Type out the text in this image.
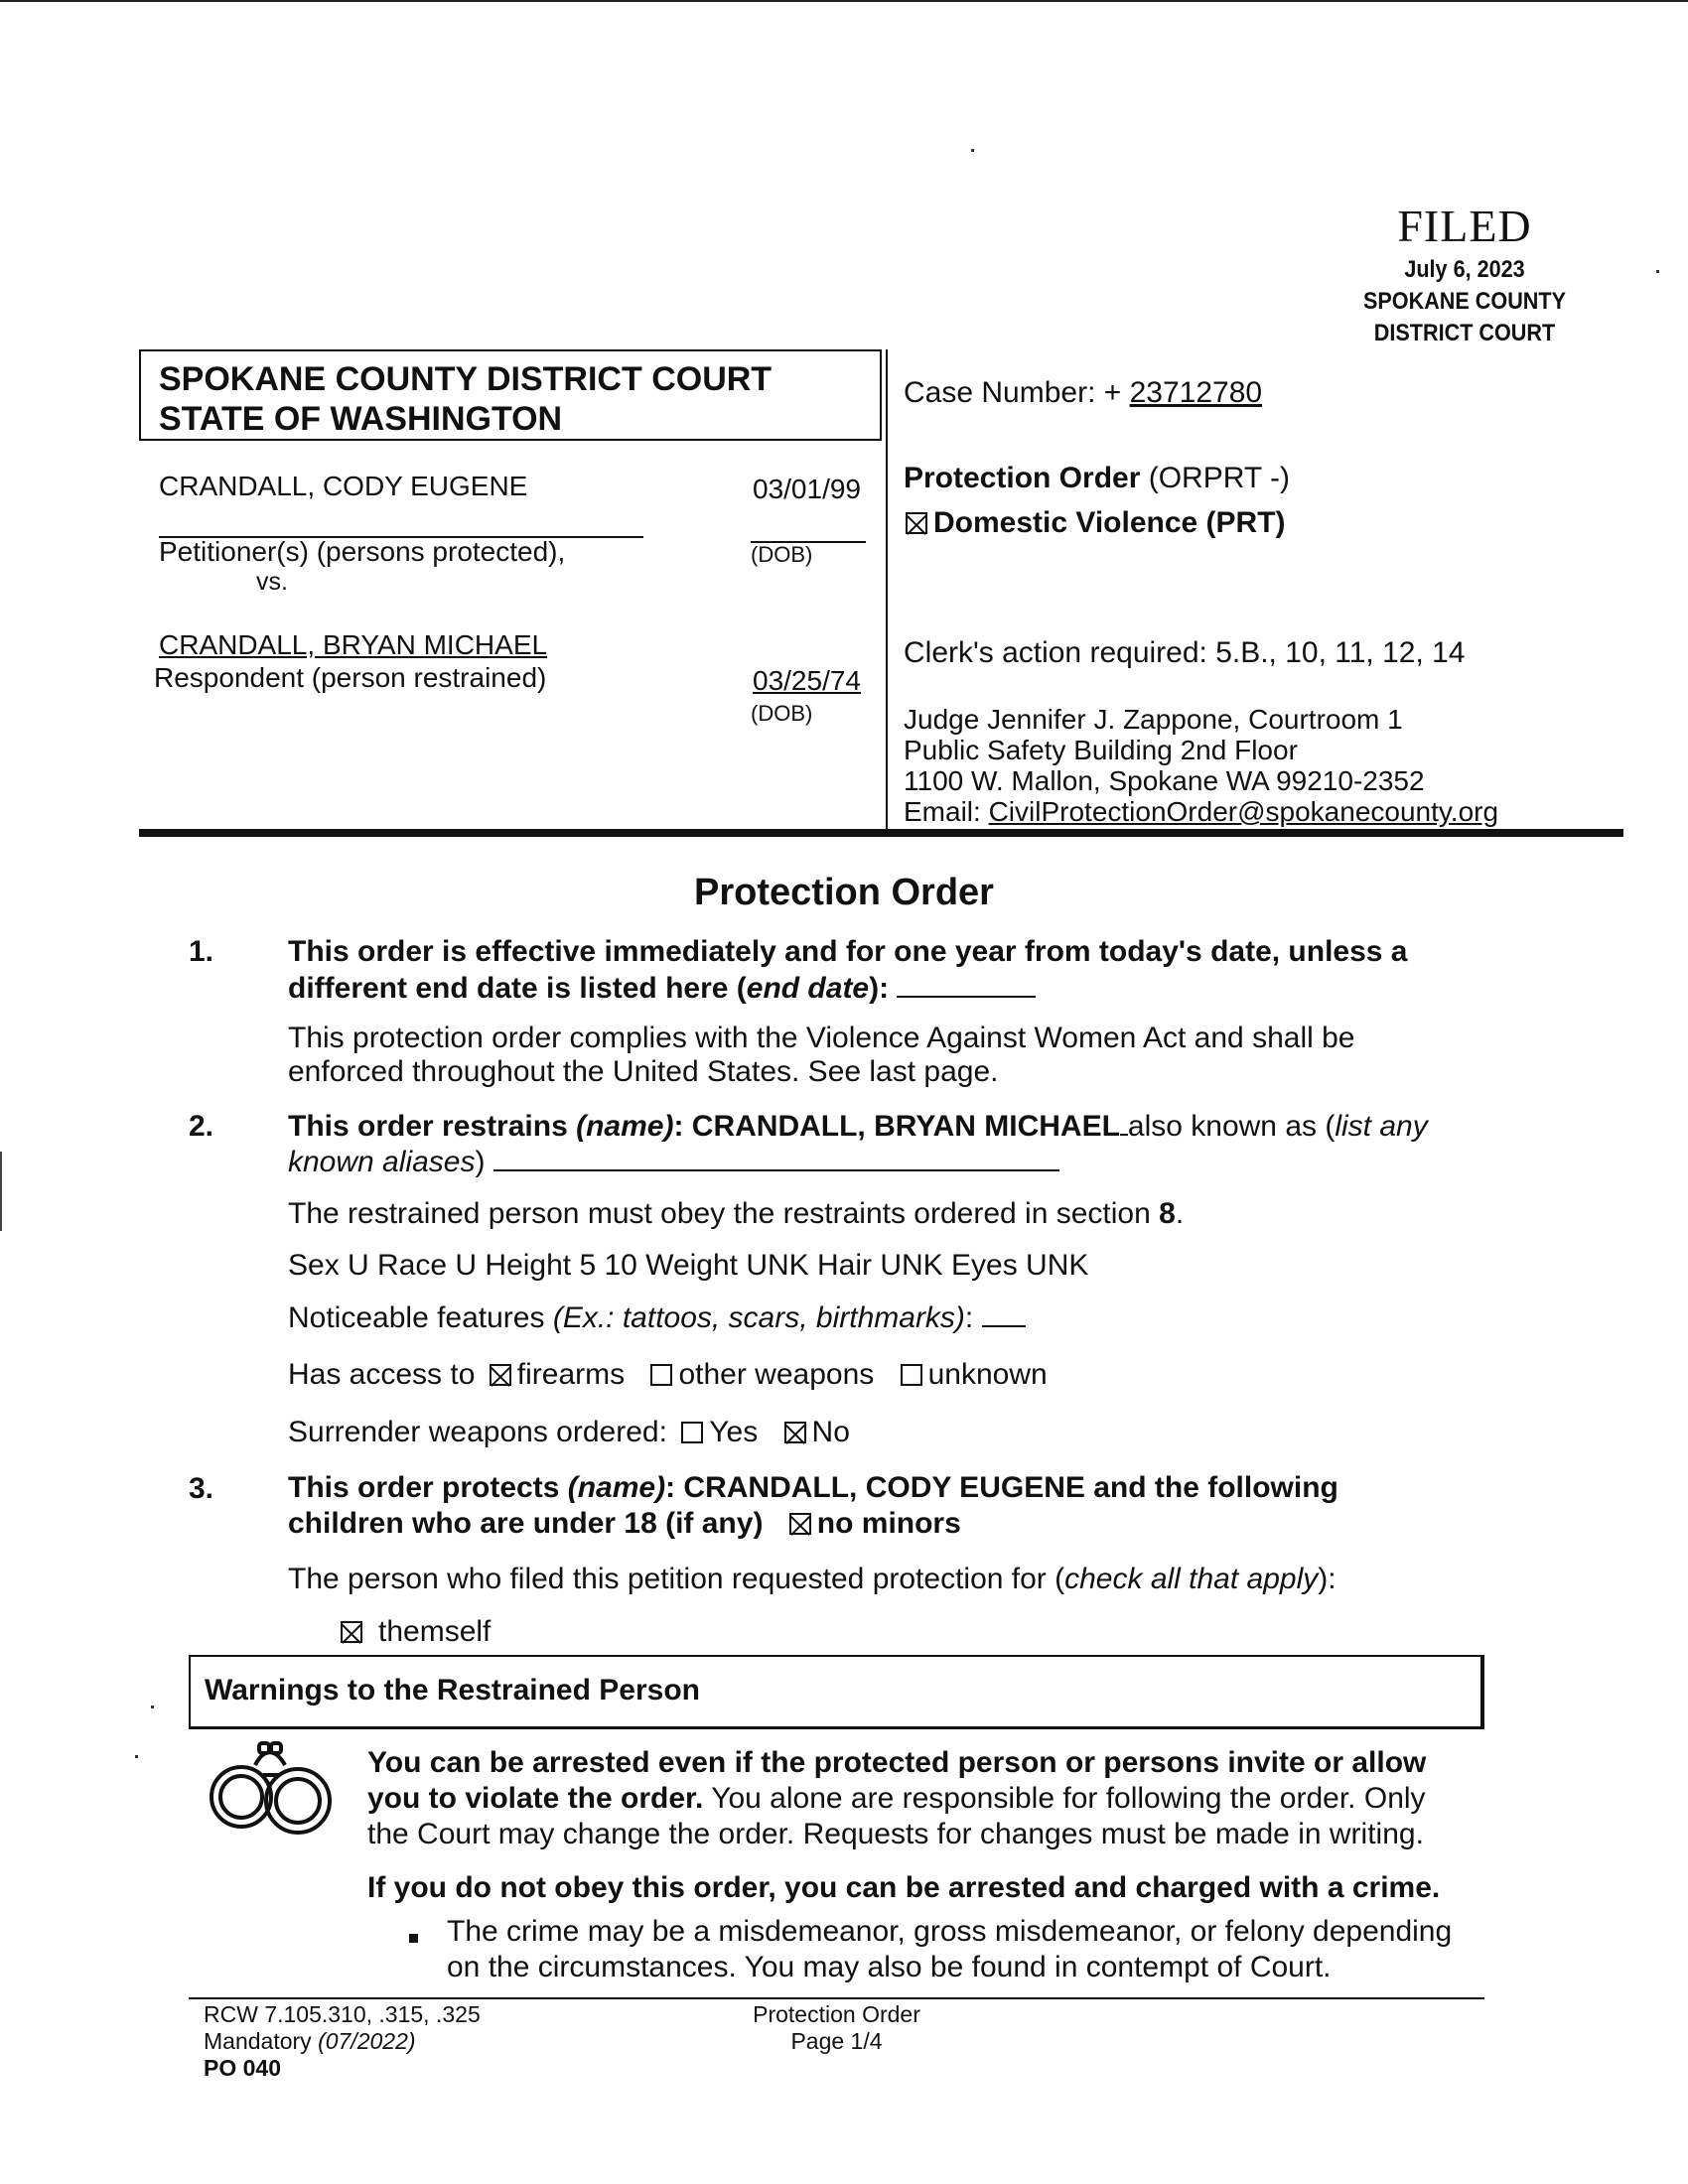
FILED
July 6, 2023
SPOKANE COUNTY
DISTRICT COURT
SPOKANE COUNTY DISTRICT COURT
STATE OF WASHINGTON
CRANDALL, CODY EUGENE	03/01/99
Petitioner(s) (persons protected),	(DOB)
vs.
CRANDALL, BRYAN MICHAEL
Respondent (person restrained)	03/25/74
(DOB)
Case Number: + 23712780
Protection Order (ORPRT -)
Domestic Violence (PRT)
Clerk's action required: 5.B., 10, 11, 12, 14
Judge Jennifer J. Zappone, Courtroom 1
Public Safety Building 2nd Floor
1100 W. Mallon, Spokane WA 99210-2352
Email: CivilProtectionOrder@spokanecounty.org
Protection Order
1. This order is effective immediately and for one year from today's date, unless a
different end date is listed here (end date):
This protection order complies with the Violence Against Women Act and shall be
enforced throughout the United States. See last page.
2. This order restrains (name): CRANDALL, BRYAN MICHAEL also known as (list any
known aliases)
The restrained person must obey the restraints ordered in section 8.
Sex U Race U Height 5 10 Weight UNK Hair UNK Eyes UNK
Noticeable features (Ex.: tattoos, scars, birthmarks):
Has access to firearms other weapons unknown
Surrender weapons ordered: Yes No
3. This order protects (name): CRANDALL, CODY EUGENE and the following
children who are under 18 (if any) no minors
The person who filed this petition requested protection for (check all that apply):
themself
Warnings to the Restrained Person
You can be arrested even if the protected person or persons invite or allow
you to violate the order. You alone are responsible for following the order. Only
the Court may change the order. Requests for changes must be made in writing.
If you do not obey this order, you can be arrested and charged with a crime.
The crime may be a misdemeanor, gross misdemeanor, or felony depending
on the circumstances. You may also be found in contempt of Court.
RCW 7.105.310, .315, .325
Mandatory (07/2022)
PO 040
Protection Order
Page 1/4
